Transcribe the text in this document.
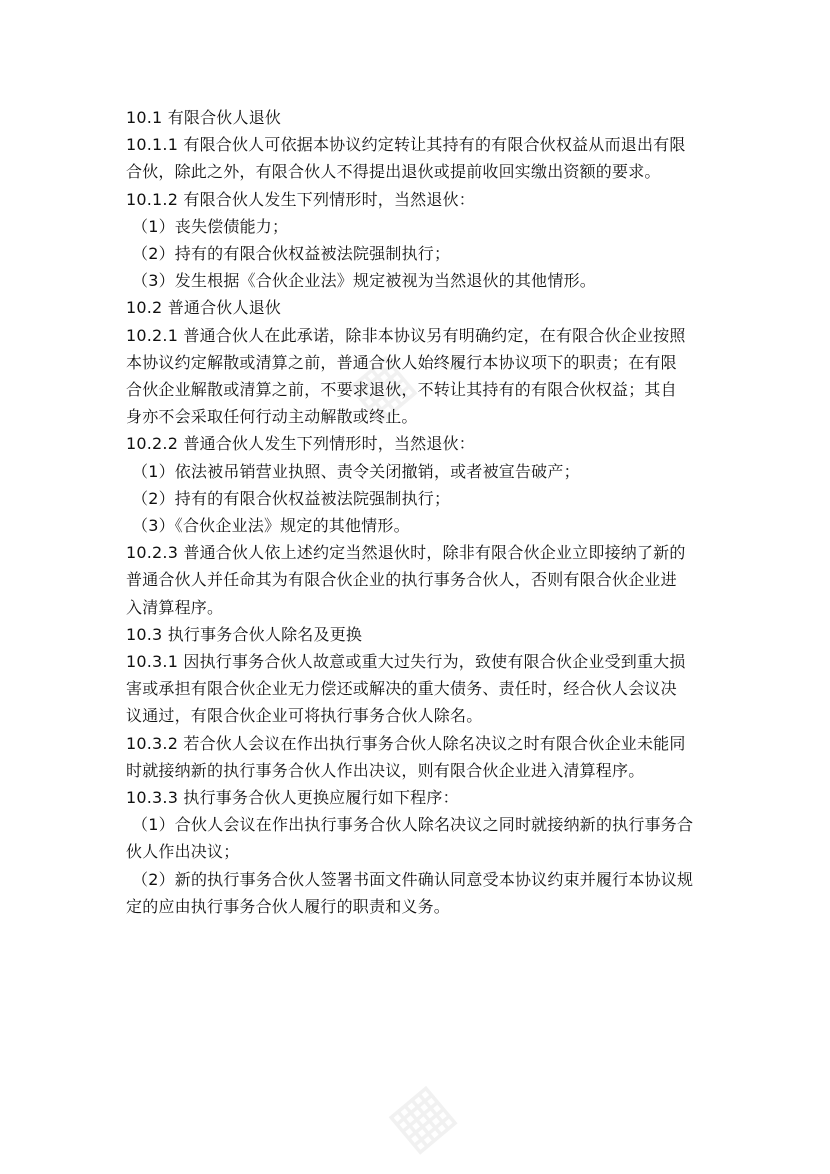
▦
▦

10.1 有限合伙人退伙

10.1.1 有限合伙人可依据本协议约定转让其持有的有限合伙权益从而退出有限

合伙，除此之外，有限合伙人不得提出退伙或提前收回实缴出资额的要求。

10.1.2 有限合伙人发生下列情形时，当然退伙：

（1）丧失偿债能力；

（2）持有的有限合伙权益被法院强制执行；

（3）发生根据《合伙企业法》规定被视为当然退伙的其他情形。

10.2 普通合伙人退伙

10.2.1 普通合伙人在此承诺，除非本协议另有明确约定，在有限合伙企业按照

本协议约定解散或清算之前，普通合伙人始终履行本协议项下的职责；在有限

合伙企业解散或清算之前，不要求退伙，不转让其持有的有限合伙权益；其自

身亦不会采取任何行动主动解散或终止。

10.2.2 普通合伙人发生下列情形时，当然退伙：

（1）依法被吊销营业执照、责令关闭撤销，或者被宣告破产；

（2）持有的有限合伙权益被法院强制执行；

（3）《合伙企业法》规定的其他情形。

10.2.3 普通合伙人依上述约定当然退伙时，除非有限合伙企业立即接纳了新的

普通合伙人并任命其为有限合伙企业的执行事务合伙人，否则有限合伙企业进

入清算程序。

10.3 执行事务合伙人除名及更换

10.3.1 因执行事务合伙人故意或重大过失行为，致使有限合伙企业受到重大损

害或承担有限合伙企业无力偿还或解决的重大债务、责任时，经合伙人会议决

议通过，有限合伙企业可将执行事务合伙人除名。

10.3.2 若合伙人会议在作出执行事务合伙人除名决议之时有限合伙企业未能同

时就接纳新的执行事务合伙人作出决议，则有限合伙企业进入清算程序。

10.3.3 执行事务合伙人更换应履行如下程序：

（1）合伙人会议在作出执行事务合伙人除名决议之同时就接纳新的执行事务合

伙人作出决议；

（2）新的执行事务合伙人签署书面文件确认同意受本协议约束并履行本协议规

定的应由执行事务合伙人履行的职责和义务。
